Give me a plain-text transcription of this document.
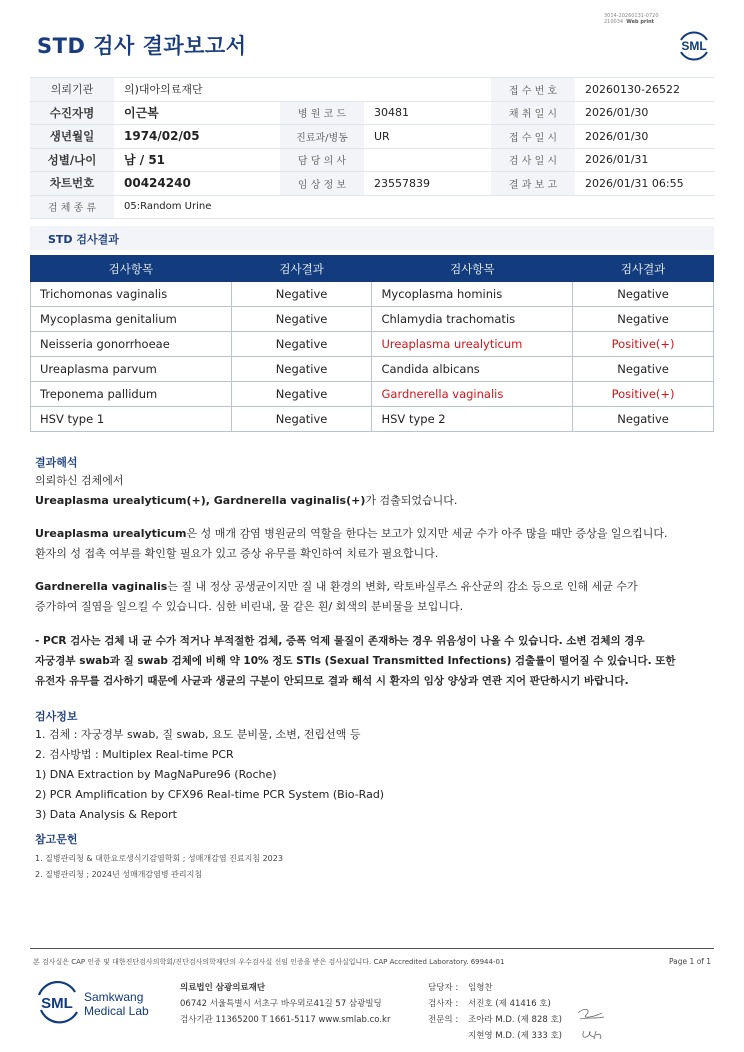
3014-20260131-0720
210034 Web print
STD 검사 결과보고서	SML
의뢰기관	의)대아의료재단			접 수 번 호	20260130-26522
수진자명	이근복	병 원 코 드	30481	채 취 일 시	2026/01/30
생년월일	1974/02/05	진료과/병동	UR	접 수 일 시	2026/01/30
성별/나이	남 / 51	담 당 의 사		검 사 일 시	2026/01/31
차트번호	00424240	임 상 정 보	23557839	결 과 보 고	2026/01/31 06:55
검 체 종 류	05:Random Urine				
STD 검사결과
검사항목	검사결과	검사항목	검사결과
Trichomonas vaginalis	Negative	Mycoplasma hominis	Negative
Mycoplasma genitalium	Negative	Chlamydia trachomatis	Negative
Neisseria gonorrhoeae	Negative	Ureaplasma urealyticum	Positive(+)
Ureaplasma parvum	Negative	Candida albicans	Negative
Treponema pallidum	Negative	Gardnerella vaginalis	Positive(+)
HSV type 1	Negative	HSV type 2	Negative
결과해석
의뢰하신 검체에서
Ureaplasma urealyticum(+), Gardnerella vaginalis(+)가 검출되었습니다.
Ureaplasma urealyticum은 성 매개 감염 병원균의 역할을 한다는 보고가 있지만 세균 수가 아주 많을 때만 증상을 일으킵니다.
환자의 성 접촉 여부를 확인할 필요가 있고 증상 유무를 확인하여 치료가 필요합니다.
Gardnerella vaginalis는 질 내 정상 공생균이지만 질 내 환경의 변화, 락토바실루스 유산균의 감소 등으로 인해 세균 수가
증가하여 질염을 일으킬 수 있습니다. 심한 비린내, 물 같은 흰/ 회색의 분비물을 보입니다.
- PCR 검사는 검체 내 균 수가 적거나 부적절한 검체, 증폭 억제 물질이 존재하는 경우 위음성이 나올 수 있습니다. 소변 검체의 경우
자궁경부 swab과 질 swab 검체에 비해 약 10% 정도 STIs (Sexual Transmitted Infections) 검출률이 떨어질 수 있습니다. 또한
유전자 유무를 검사하기 때문에 사균과 생균의 구분이 안되므로 결과 해석 시 환자의 임상 양상과 연관 지어 판단하시기 바랍니다.
검사정보
1. 검체 : 자궁경부 swab, 질 swab, 요도 분비물, 소변, 전립선액 등
2. 검사방법 : Multiplex Real-time PCR
1) DNA Extraction by MagNaPure96 (Roche)
2) PCR Amplification by CFX96 Real-time PCR System (Bio-Rad)
3) Data Analysis & Report
참고문헌
1. 질병관리청 & 대한요로생식기감염학회 ; 성매개감염 진료지침 2023
2. 질병관리청 ; 2024년 성매개감염병 관리지침
본 검사실은 CAP 인증 및 대한진단검사의학회/진단검사의학재단의 우수검사실 신임 인증을 받은 검사실입니다. CAP Accredited Laboratory. 69944-01	Page 1 of 1
SML Samkwang
Medical Lab
의료법인 삼광의료재단
06742 서울특별시 서초구 바우뫼로41길 57 삼광빌딩
검사기관 11365200 T 1661-5117 www.smlab.co.kr
담당자 : 임형찬
검사자 : 서진호 (제 41416 호)
전문의 : 조아라 M.D. (제 828 호)
지현영 M.D. (제 333 호)
